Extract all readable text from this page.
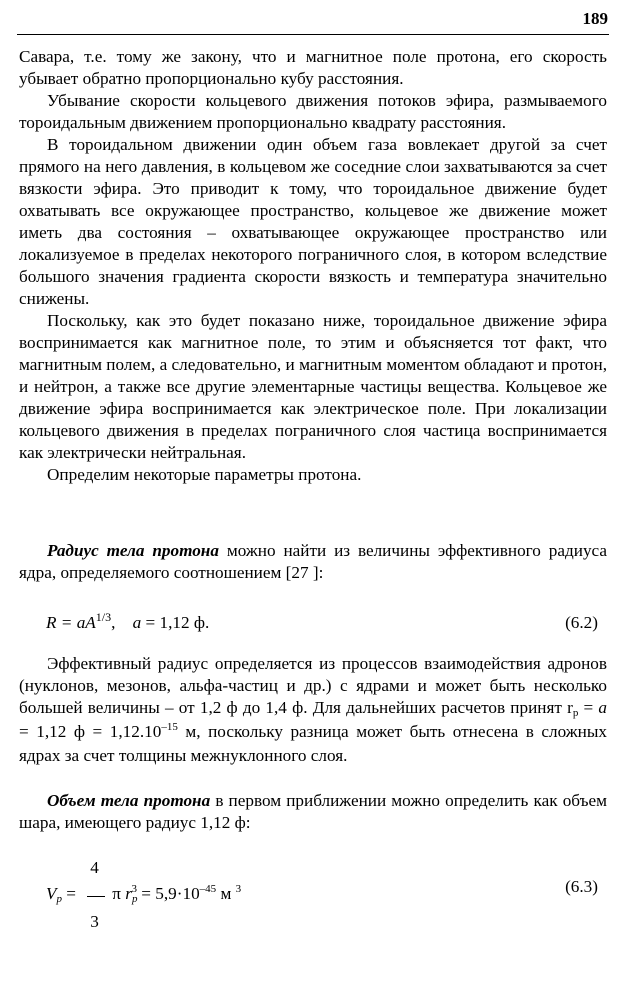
189

Савара, т.е. тому же закону, что и магнитное поле протона, его скорость убывает обратно пропорционально кубу расстояния.

Убывание скорости кольцевого движения потоков эфира, размываемого тороидальным движением пропорционально квадрату расстояния.

В тороидальном движении один объем газа вовлекает другой за счет прямого на него давления, в кольцевом же соседние слои захватываются за счет вязкости эфира. Это приводит к тому, что тороидальное движение будет охватывать все окружающее пространство, кольцевое же движение может иметь два состояния – охватывающее окружающее пространство или локализуемое в пределах некоторого пограничного слоя, в котором вследствие большого значения градиента скорости вязкость и температура значительно снижены.

Поскольку, как это будет показано ниже, тороидальное движение эфира воспринимается как магнитное поле, то этим и объясняется тот факт, что магнитным полем, а следовательно, и магнитным моментом обладают и протон, и нейтрон, а также все другие элементарные частицы вещества. Кольцевое же движение эфира воспринимается как электрическое поле. При локализации кольцевого движения в пределах пограничного слоя частица воспринимается как электрически нейтральная.

Определим некоторые параметры протона.

Радиус тела протона можно найти из величины эффективного радиуса ядра, определяемого соотношением [27 ]:

$R = aA^{1/3}$,    a = 1,12 ф.	(6.2)

Эффективный радиус определяется из процессов взаимодействия адронов (нуклонов, мезонов, альфа-частиц и др.) с ядрами и может быть несколько большей величины – от 1,2 ф до 1,4 ф. Для дальнейших расчетов принят rp = a = 1,12 $ф = 1,12.10^{-15}$ м, поскольку разница может быть отнесена в сложных ядрах за счет толщины межнуклонного слоя.

Объем тела протона в первом приближении можно определить как объем шара, имеющего радиус 1,12 ф:

$Vp = \frac{4}{3}$ π $rp^3 = 5,9\cdot 10^{-45}$ м $^3$	(6.3)
